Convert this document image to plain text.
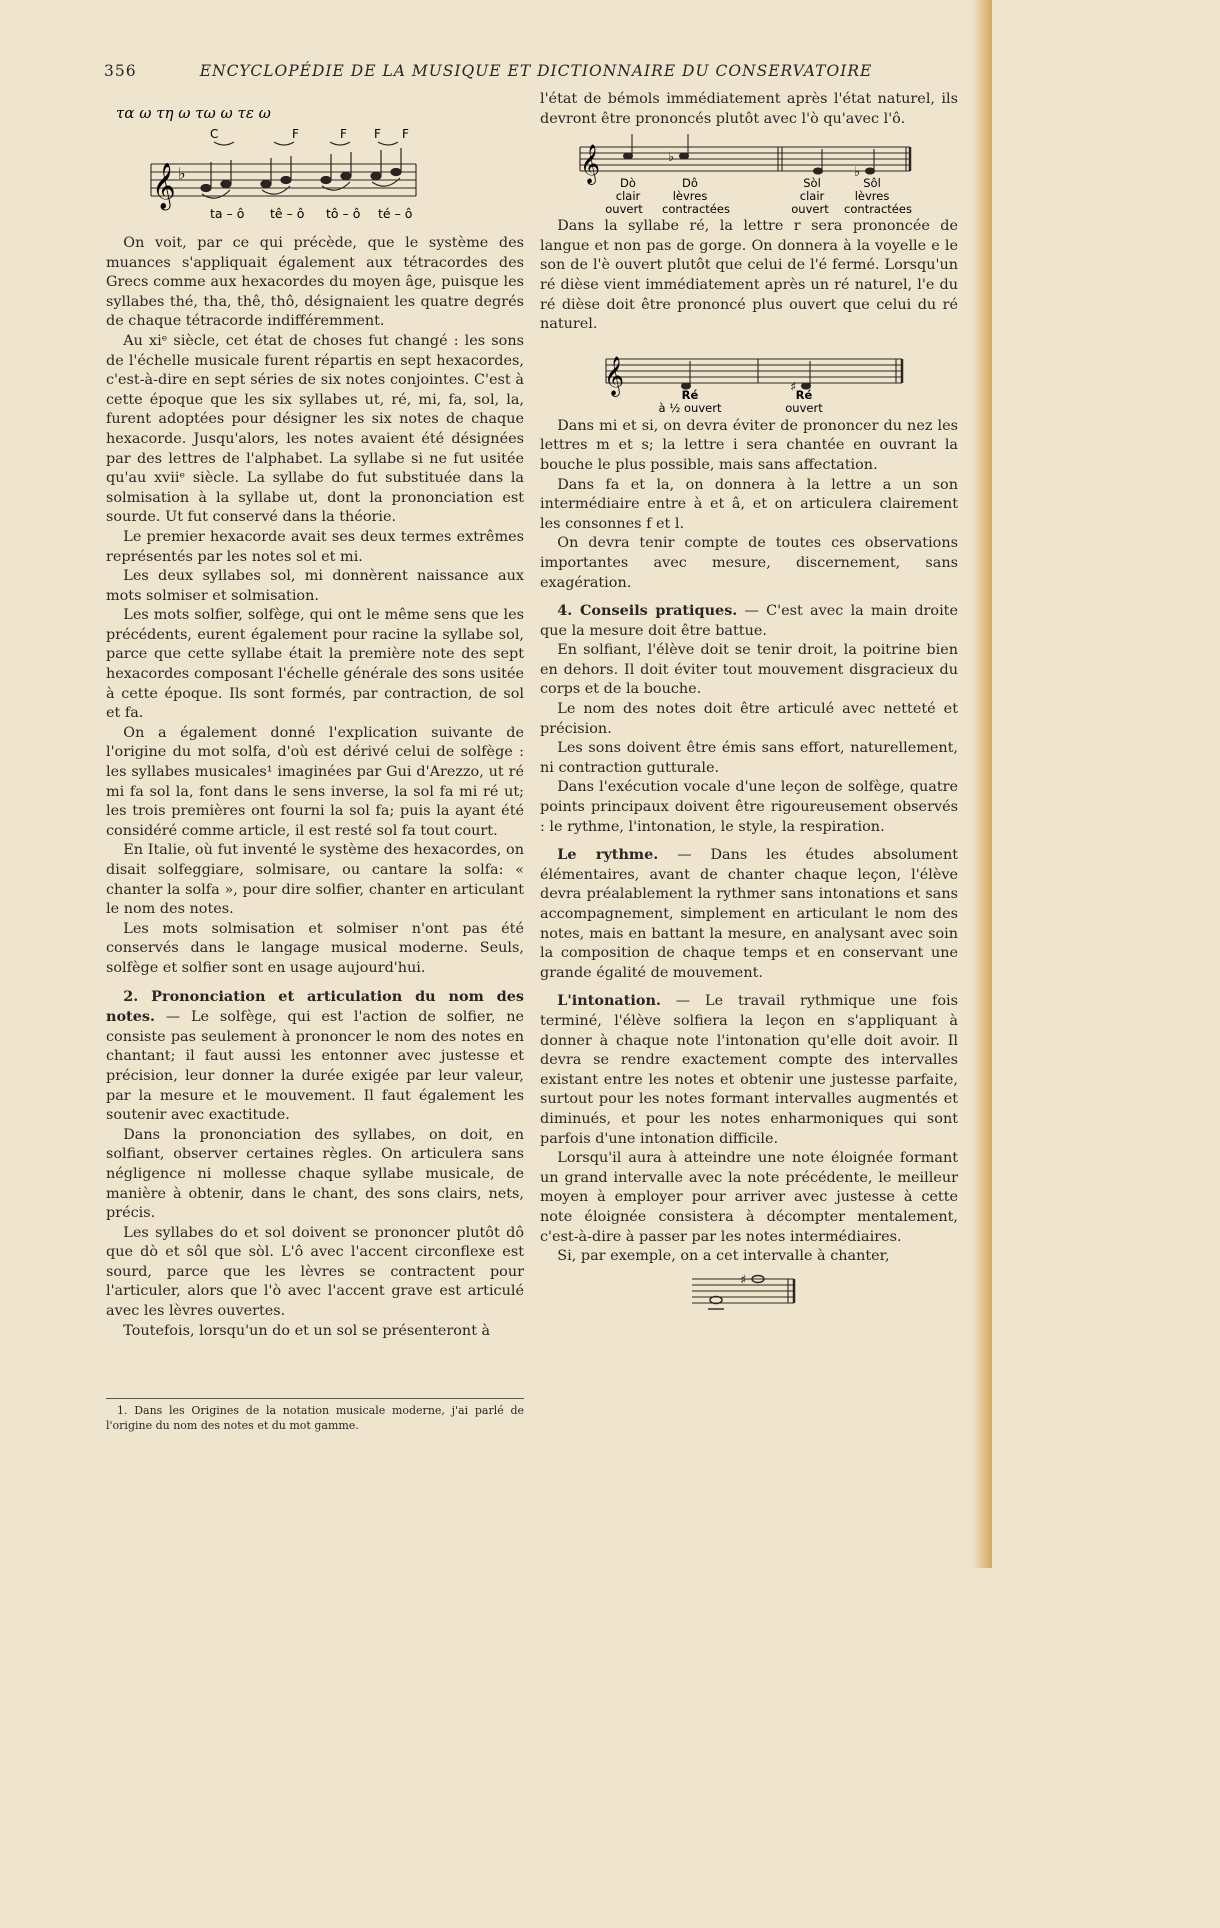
356	ENCYCLOPÉDIE DE LA MUSIQUE ET DICTIONNAIRE DU CONSERVATOIRE
τα ω τη ω τω ω τε ω
C	F	F F F
𝄞 ♭
ta – ô tê – ô tô – ô té – ô

On voit, par ce qui précède, que le système des muances s'appliquait également aux tétracordes des Grecs comme aux hexacordes du moyen âge, puisque les syllabes thé, tha, thê, thô, désignaient les quatre degrés de chaque tétracorde indifféremment.

Au xiᵉ siècle, cet état de choses fut changé : les sons de l'échelle musicale furent répartis en sept hexacordes, c'est-à-dire en sept séries de six notes conjointes. C'est à cette époque que les six syllabes ut, ré, mi, fa, sol, la, furent adoptées pour désigner les six notes de chaque hexacorde. Jusqu'alors, les notes avaient été désignées par des lettres de l'alphabet. La syllabe si ne fut usitée qu'au xviiᵉ siècle. La syllabe do fut substituée dans la solmisation à la syllabe ut, dont la prononciation est sourde. Ut fut conservé dans la théorie.

Le premier hexacorde avait ses deux termes extrêmes représentés par les notes sol et mi.

Les deux syllabes sol, mi donnèrent naissance aux mots solmiser et solmisation.

Les mots solfier, solfège, qui ont le même sens que les précédents, eurent également pour racine la syllabe sol, parce que cette syllabe était la première note des sept hexacordes composant l'échelle générale des sons usitée à cette époque. Ils sont formés, par contraction, de sol et fa.

On a également donné l'explication suivante de l'origine du mot solfa, d'où est dérivé celui de solfège : les syllabes musicales¹ imaginées par Gui d'Arezzo, ut ré mi fa sol la, font dans le sens inverse, la sol fa mi ré ut; les trois premières ont fourni la sol fa; puis la ayant été considéré comme article, il est resté sol fa tout court.

En Italie, où fut inventé le système des hexacordes, on disait solfeggiare, solmisare, ou cantare la solfa: « chanter la solfa », pour dire solfier, chanter en articulant le nom des notes.

Les mots solmisation et solmiser n'ont pas été conservés dans le langage musical moderne. Seuls, solfège et solfier sont en usage aujourd'hui.

2. Prononciation et articulation du nom des notes. — Le solfège, qui est l'action de solfier, ne consiste pas seulement à prononcer le nom des notes en chantant; il faut aussi les entonner avec justesse et précision, leur donner la durée exigée par leur valeur, par la mesure et le mouvement. Il faut également les soutenir avec exactitude.

Dans la prononciation des syllabes, on doit, en solfiant, observer certaines règles. On articulera sans négligence ni mollesse chaque syllabe musicale, de manière à obtenir, dans le chant, des sons clairs, nets, précis.

Les syllabes do et sol doivent se prononcer plutôt dô que dò et sôl que sòl. L'ô avec l'accent circonflexe est sourd, parce que les lèvres se contractent pour l'articuler, alors que l'ò avec l'accent grave est articulé avec les lèvres ouvertes.

Toutefois, lorsqu'un do et un sol se présenteront à

1. Dans les Origines de la notation musicale moderne, j'ai parlé de l'origine du nom des notes et du mot gamme.

l'état de bémols immédiatement après l'état naturel, ils devront être prononcés plutôt avec l'ò qu'avec l'ô.

𝄞	♭
♭
Dò	Dô	Sòl	Sôl
clair	lèvres	clair	lèvres
ouvert contractées	ouvert contractées

Dans la syllabe ré, la lettre r sera prononcée de langue et non pas de gorge. On donnera à la voyelle e le son de l'è ouvert plutôt que celui de l'é fermé. Lorsqu'un ré dièse vient immédiatement après un ré naturel, l'e du ré dièse doit être prononcé plus ouvert que celui du ré naturel.

𝄞	♯
Ré	Ré
à ½ ouvert	ouvert

Dans mi et si, on devra éviter de prononcer du nez les lettres m et s; la lettre i sera chantée en ouvrant la bouche le plus possible, mais sans affectation.

Dans fa et la, on donnera à la lettre a un son intermédiaire entre à et â, et on articulera clairement les consonnes f et l.

On devra tenir compte de toutes ces observations importantes avec mesure, discernement, sans exagération.

4. Conseils pratiques. — C'est avec la main droite que la mesure doit être battue.

En solfiant, l'élève doit se tenir droit, la poitrine bien en dehors. Il doit éviter tout mouvement disgracieux du corps et de la bouche.

Le nom des notes doit être articulé avec netteté et précision.

Les sons doivent être émis sans effort, naturellement, ni contraction gutturale.

Dans l'exécution vocale d'une leçon de solfège, quatre points principaux doivent être rigoureusement observés : le rythme, l'intonation, le style, la respiration.

Le rythme. — Dans les études absolument élémentaires, avant de chanter chaque leçon, l'élève devra préalablement la rythmer sans intonations et sans accompagnement, simplement en articulant le nom des notes, mais en battant la mesure, en analysant avec soin la composition de chaque temps et en conservant une grande égalité de mouvement.

L'intonation. — Le travail rythmique une fois terminé, l'élève solfiera la leçon en s'appliquant à donner à chaque note l'intonation qu'elle doit avoir. Il devra se rendre exactement compte des intervalles existant entre les notes et obtenir une justesse parfaite, surtout pour les notes formant intervalles augmentés et diminués, et pour les notes enharmoniques qui sont parfois d'une intonation difficile.

Lorsqu'il aura à atteindre une note éloignée formant un grand intervalle avec la note précédente, le meilleur moyen à employer pour arriver avec justesse à cette note éloignée consistera à décompter mentalement, c'est-à-dire à passer par les notes intermédiaires.

Si, par exemple, on a cet intervalle à chanter,

♯
